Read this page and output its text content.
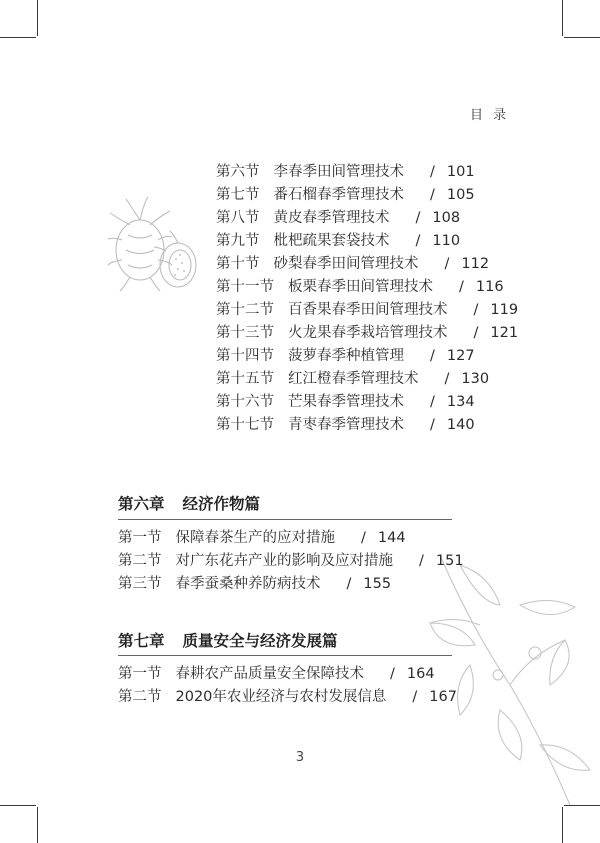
目 录
第六节 李春季田间管理技术 / 101
第七节 番石榴春季管理技术 / 105
第八节 黄皮春季管理技术 / 108
第九节 枇杷疏果套袋技术 / 110
第十节 砂梨春季田间管理技术 / 112
第十一节 板栗春季田间管理技术 / 116
第十二节 百香果春季田间管理技术 / 119
第十三节 火龙果春季栽培管理技术 / 121
第十四节 菠萝春季种植管理 / 127
第十五节 红江橙春季管理技术 / 130
第十六节 芒果春季管理技术 / 134
第十七节 青枣春季管理技术 / 140
第六章 经济作物篇
第一节 保障春茶生产的应对措施 / 144
第二节 对广东花卉产业的影响及应对措施 / 151
第三节 春季蚕桑种养防病技术 / 155
第七章 质量安全与经济发展篇
第一节 春耕农产品质量安全保障技术 / 164
第二节 2020年农业经济与农村发展信息 / 167
3
